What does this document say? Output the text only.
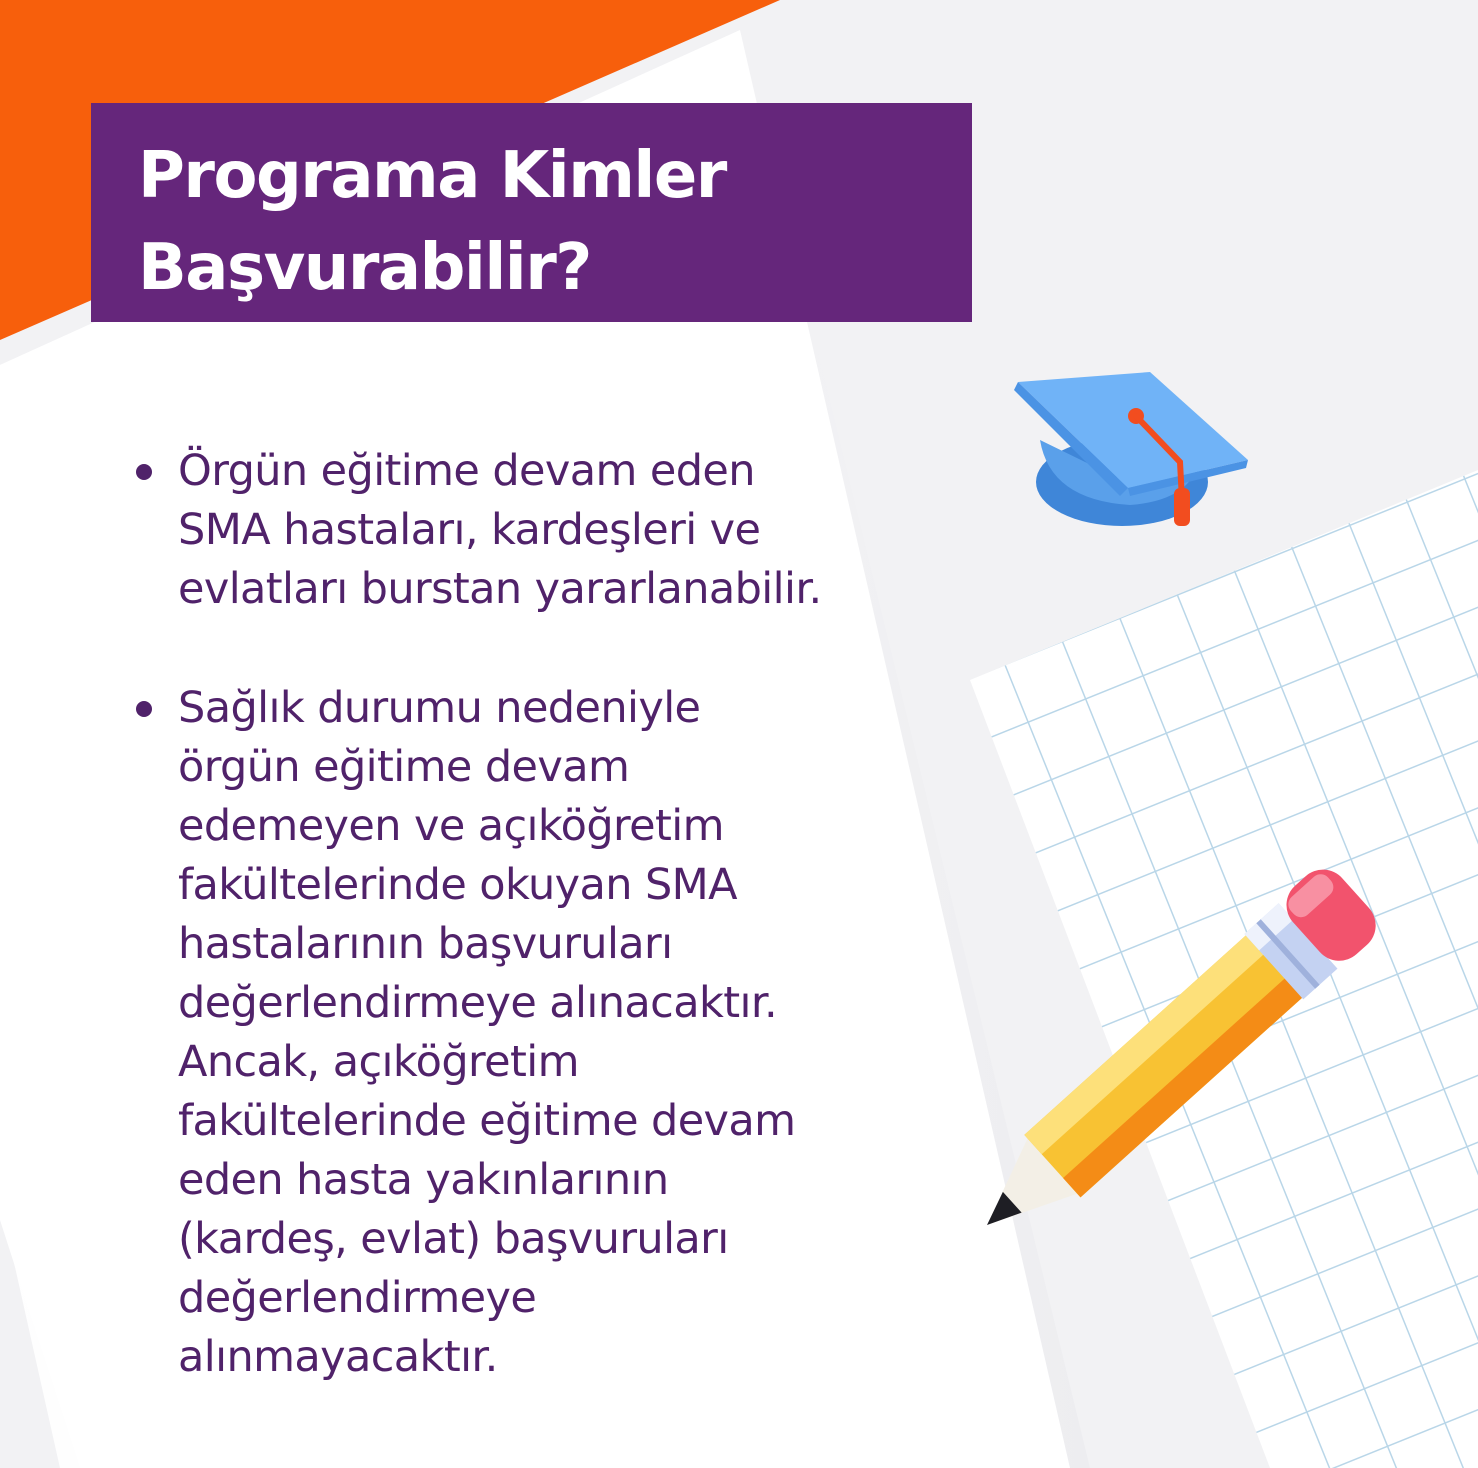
Programa Kimler
Başvurabilir?
Örgün eğitime devam eden
SMA hastaları, kardeşleri ve
evlatları burstan yararlanabilir.
Sağlık durumu nedeniyle
örgün eğitime devam
edemeyen ve açıköğretim
fakültelerinde okuyan SMA
hastalarının başvuruları
değerlendirmeye alınacaktır.
Ancak, açıköğretim
fakültelerinde eğitime devam
eden hasta yakınlarının
(kardeş, evlat) başvuruları
değerlendirmeye
alınmayacaktır.
